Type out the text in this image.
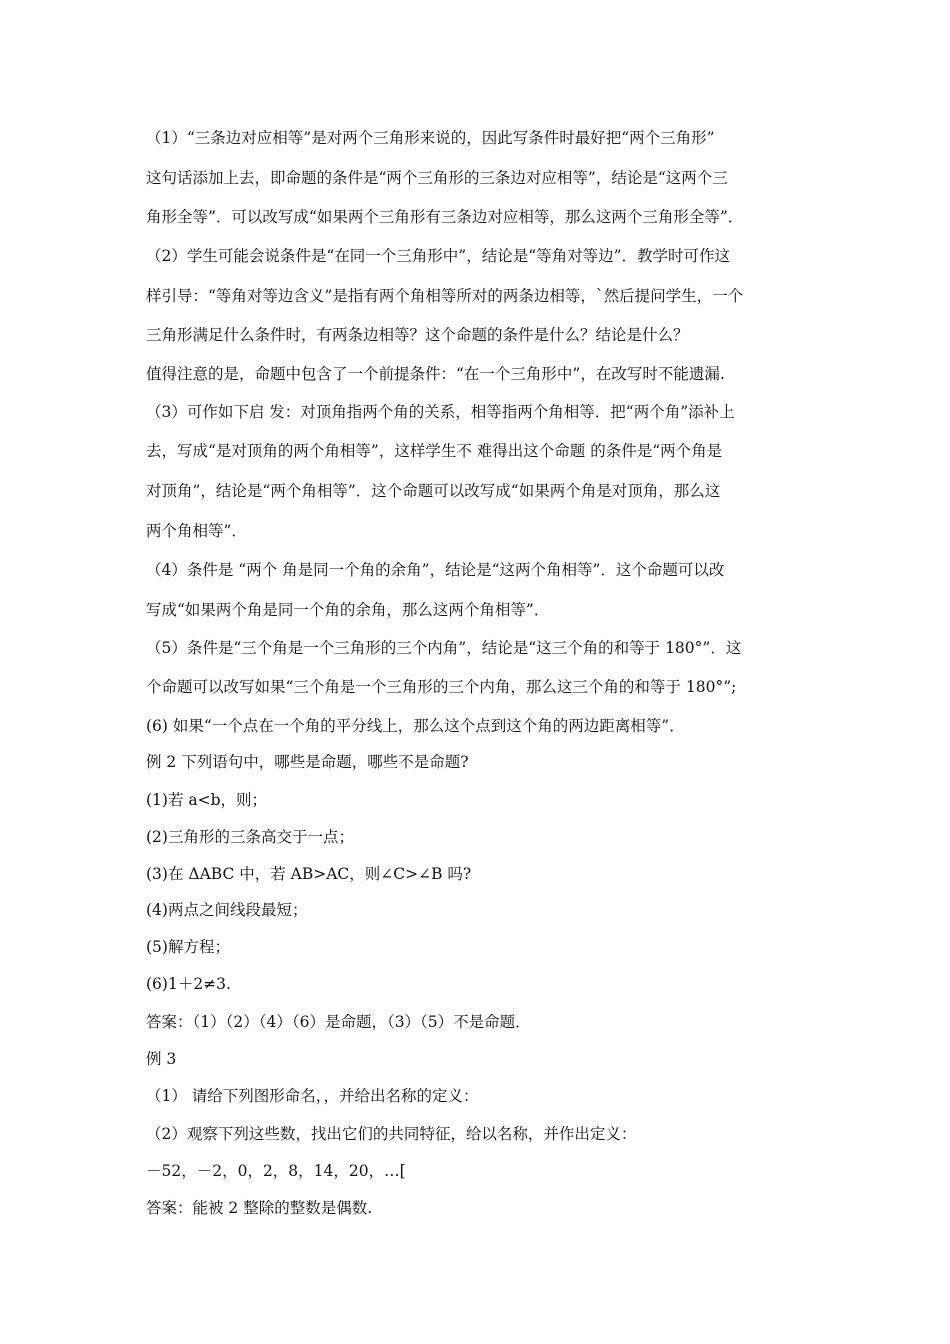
（1）“三条边对应相等”是对两个三角形来说的，因此写条件时最好把“两个三角形”
这句话添加上去，即命题的条件是“两个三角形的三条边对应相等”，结论是“这两个三
角形全等”．可以改写成“如果两个三角形有三条边对应相等，那么这两个三角形全等”．
（2）学生可能会说条件是“在同一个三角形中”，结论是“等角对等边”．教学时可作这
样引导：“等角对等边含义”是指有两个角相等所对的两条边相等，`然后提问学生，一个
三角形满足什么条件时，有两条边相等？这个命题的条件是什么？结论是什么？
值得注意的是，命题中包含了一个前提条件：“在一个三角形中”，在改写时不能遗漏.
（3）可作如下启 发：对顶角指两个角的关系，相等指两个角相等．把“两个角”添补上
去，写成“是对顶角的两个角相等”，这样学生不 难得出这个命题 的条件是“两个角是
对顶角”，结论是“两个角相等”．这个命题可以改写成“如果两个角是对顶角，那么这
两个角相等”．
（4）条件是 “两个 角是同一个角的余角”，结论是“这两个角相等”．这个命题可以改
写成“如果两个角是同一个角的余角，那么这两个角相等”．
（5）条件是“三个角是一个三角形的三个内角”，结论是“这三个角的和等于 180°”．这
个命题可以改写如果“三个角是一个三角形的三个内角，那么这三个角的和等于 180°”;
(6) 如果“一个点在一个角的平分线上，那么这个点到这个角的两边距离相等”．
例 2 下列语句中，哪些是命题，哪些不是命题?
(1)若 a<b，则；
(2)三角形的三条高交于一点；
(3)在 ΔABC 中，若 AB>AC，则∠C>∠B 吗?
(4)两点之间线段最短；
(5)解方程；
(6)1＋2≠3.
答案：（1）（2）（4）（6）是命题，（3）（5）不是命题．
例 3
（1） 请给下列图形命名，，并给出名称的定义：
（2）观察下列这些数，找出它们的共同特征，给以名称，并作出定义：
－52，－2，0，2，8，14，20，…[
答案：能被 2 整除的整数是偶数.
